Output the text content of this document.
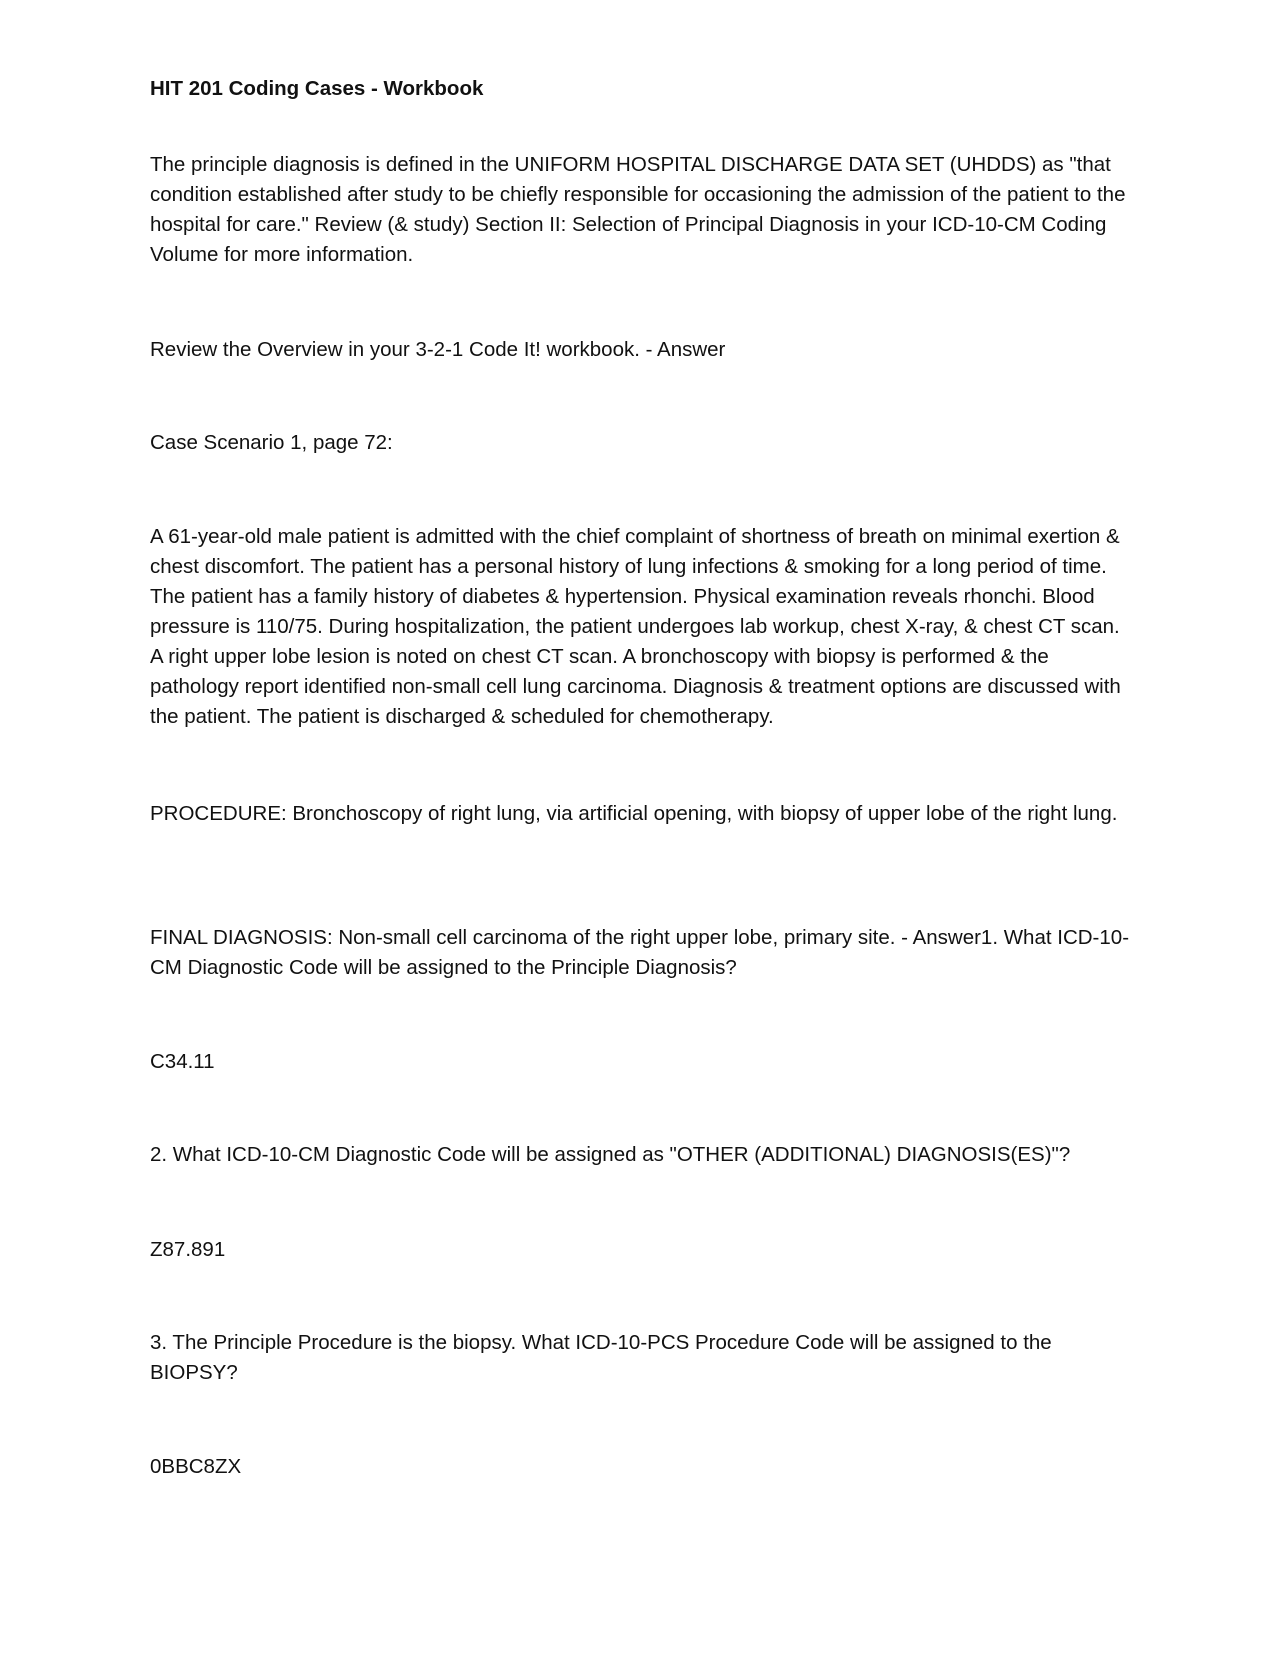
HIT 201 Coding Cases - Workbook

The principle diagnosis is defined in the UNIFORM HOSPITAL DISCHARGE DATA SET (UHDDS) as "that condition established after study to be chiefly responsible for occasioning the admission of the patient to the hospital for care." Review (& study) Section II: Selection of Principal Diagnosis in your ICD-10-CM Coding Volume for more information.

Review the Overview in your 3-2-1 Code It! workbook. - Answer

Case Scenario 1, page 72:

A 61-year-old male patient is admitted with the chief complaint of shortness of breath on minimal exertion & chest discomfort. The patient has a personal history of lung infections & smoking for a long period of time. The patient has a family history of diabetes & hypertension. Physical examination reveals rhonchi. Blood pressure is 110/75. During hospitalization, the patient undergoes lab workup, chest X-ray, & chest CT scan. A right upper lobe lesion is noted on chest CT scan. A bronchoscopy with biopsy is performed & the pathology report identified non-small cell lung carcinoma. Diagnosis & treatment options are discussed with the patient. The patient is discharged & scheduled for chemotherapy.

PROCEDURE: Bronchoscopy of right lung, via artificial opening, with biopsy of upper lobe of the right lung.

FINAL DIAGNOSIS: Non-small cell carcinoma of the right upper lobe, primary site. - Answer1. What ICD-10-CM Diagnostic Code will be assigned to the Principle Diagnosis?

C34.11

2. What ICD-10-CM Diagnostic Code will be assigned as "OTHER (ADDITIONAL) DIAGNOSIS(ES)"?

Z87.891

3. The Principle Procedure is the biopsy. What ICD-10-PCS Procedure Code will be assigned to the BIOPSY?

0BBC8ZX
